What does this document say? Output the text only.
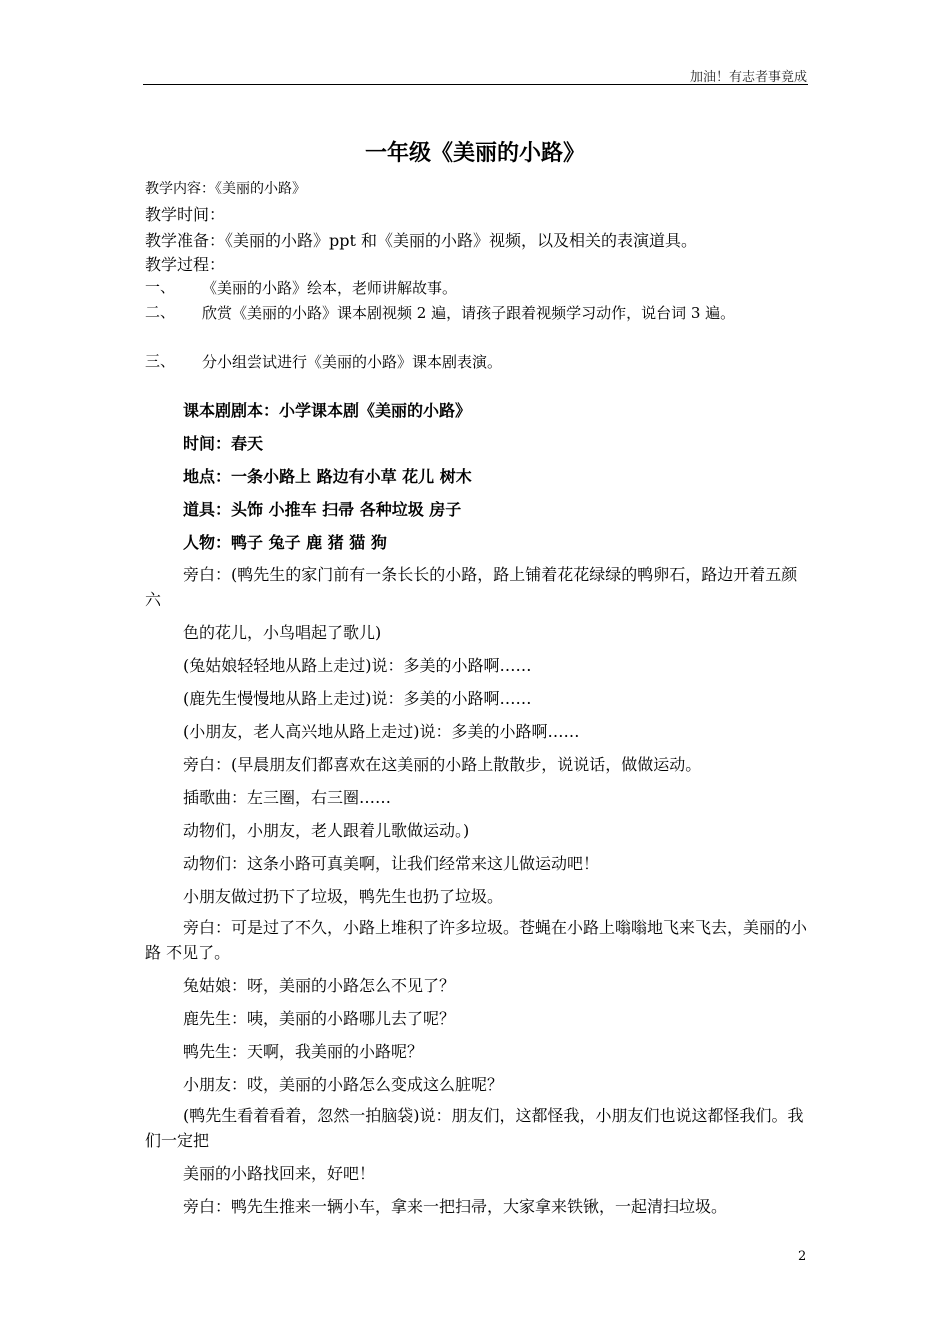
加油！有志者事竟成
一年级《美丽的小路》
教学内容：《美丽的小路》
教学时间：
教学准备：《美丽的小路》ppt 和《美丽的小路》视频，以及相关的表演道具。
教学过程：
一、 《美丽的小路》绘本，老师讲解故事。
二、 欣赏《美丽的小路》课本剧视频 2 遍，请孩子跟着视频学习动作，说台词 3 遍。
三、 分小组尝试进行《美丽的小路》课本剧表演。
课本剧剧本：小学课本剧《美丽的小路》
时间：春天
地点：一条小路上 路边有小草 花儿 树木
道具：头饰 小推车 扫帚 各种垃圾 房子
人物：鸭子 兔子 鹿 猪 猫 狗
旁白：(鸭先生的家门前有一条长长的小路，路上铺着花花绿绿的鸭卵石，路边开着五颜六
色的花儿，小鸟唱起了歌儿)
(兔姑娘轻轻地从路上走过)说：多美的小路啊……
(鹿先生慢慢地从路上走过)说：多美的小路啊……
(小朋友，老人高兴地从路上走过)说：多美的小路啊……
旁白：(早晨朋友们都喜欢在这美丽的小路上散散步，说说话，做做运动。
插歌曲：左三圈，右三圈……
动物们，小朋友，老人跟着儿歌做运动。)
动物们：这条小路可真美啊，让我们经常来这儿做运动吧！
小朋友做过扔下了垃圾，鸭先生也扔了垃圾。
旁白：可是过了不久，小路上堆积了许多垃圾。苍蝇在小路上嗡嗡地飞来飞去，美丽的小路 不见了。
兔姑娘：呀，美丽的小路怎么不见了？
鹿先生：咦，美丽的小路哪儿去了呢？
鸭先生：天啊，我美丽的小路呢？
小朋友：哎，美丽的小路怎么变成这么脏呢？
(鸭先生看着看着，忽然一拍脑袋)说：朋友们，这都怪我，小朋友们也说这都怪我们。我们一定把
美丽的小路找回来，好吧！
旁白：鸭先生推来一辆小车，拿来一把扫帚，大家拿来铁锹，一起清扫垃圾。
2
